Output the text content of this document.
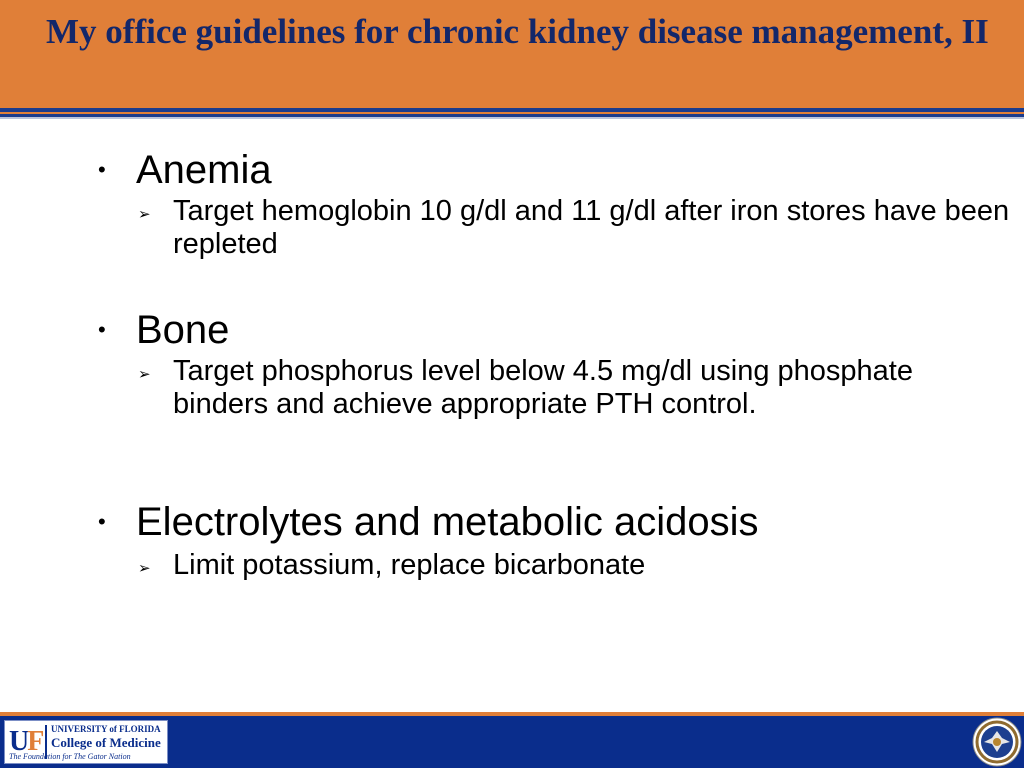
My office guidelines for chronic kidney disease management, II
• Anemia
➢ Target hemoglobin 10 g/dl and 11 g/dl after iron stores have been repleted

• Bone
➢ Target phosphorus level below 4.5 mg/dl using phosphate binders and achieve appropriate PTH control.

• Electrolytes and metabolic acidosis
➢ Limit potassium, replace bicarbonate

UF UNIVERSITY of FLORIDA
College of Medicine
The Foundation for The Gator Nation
